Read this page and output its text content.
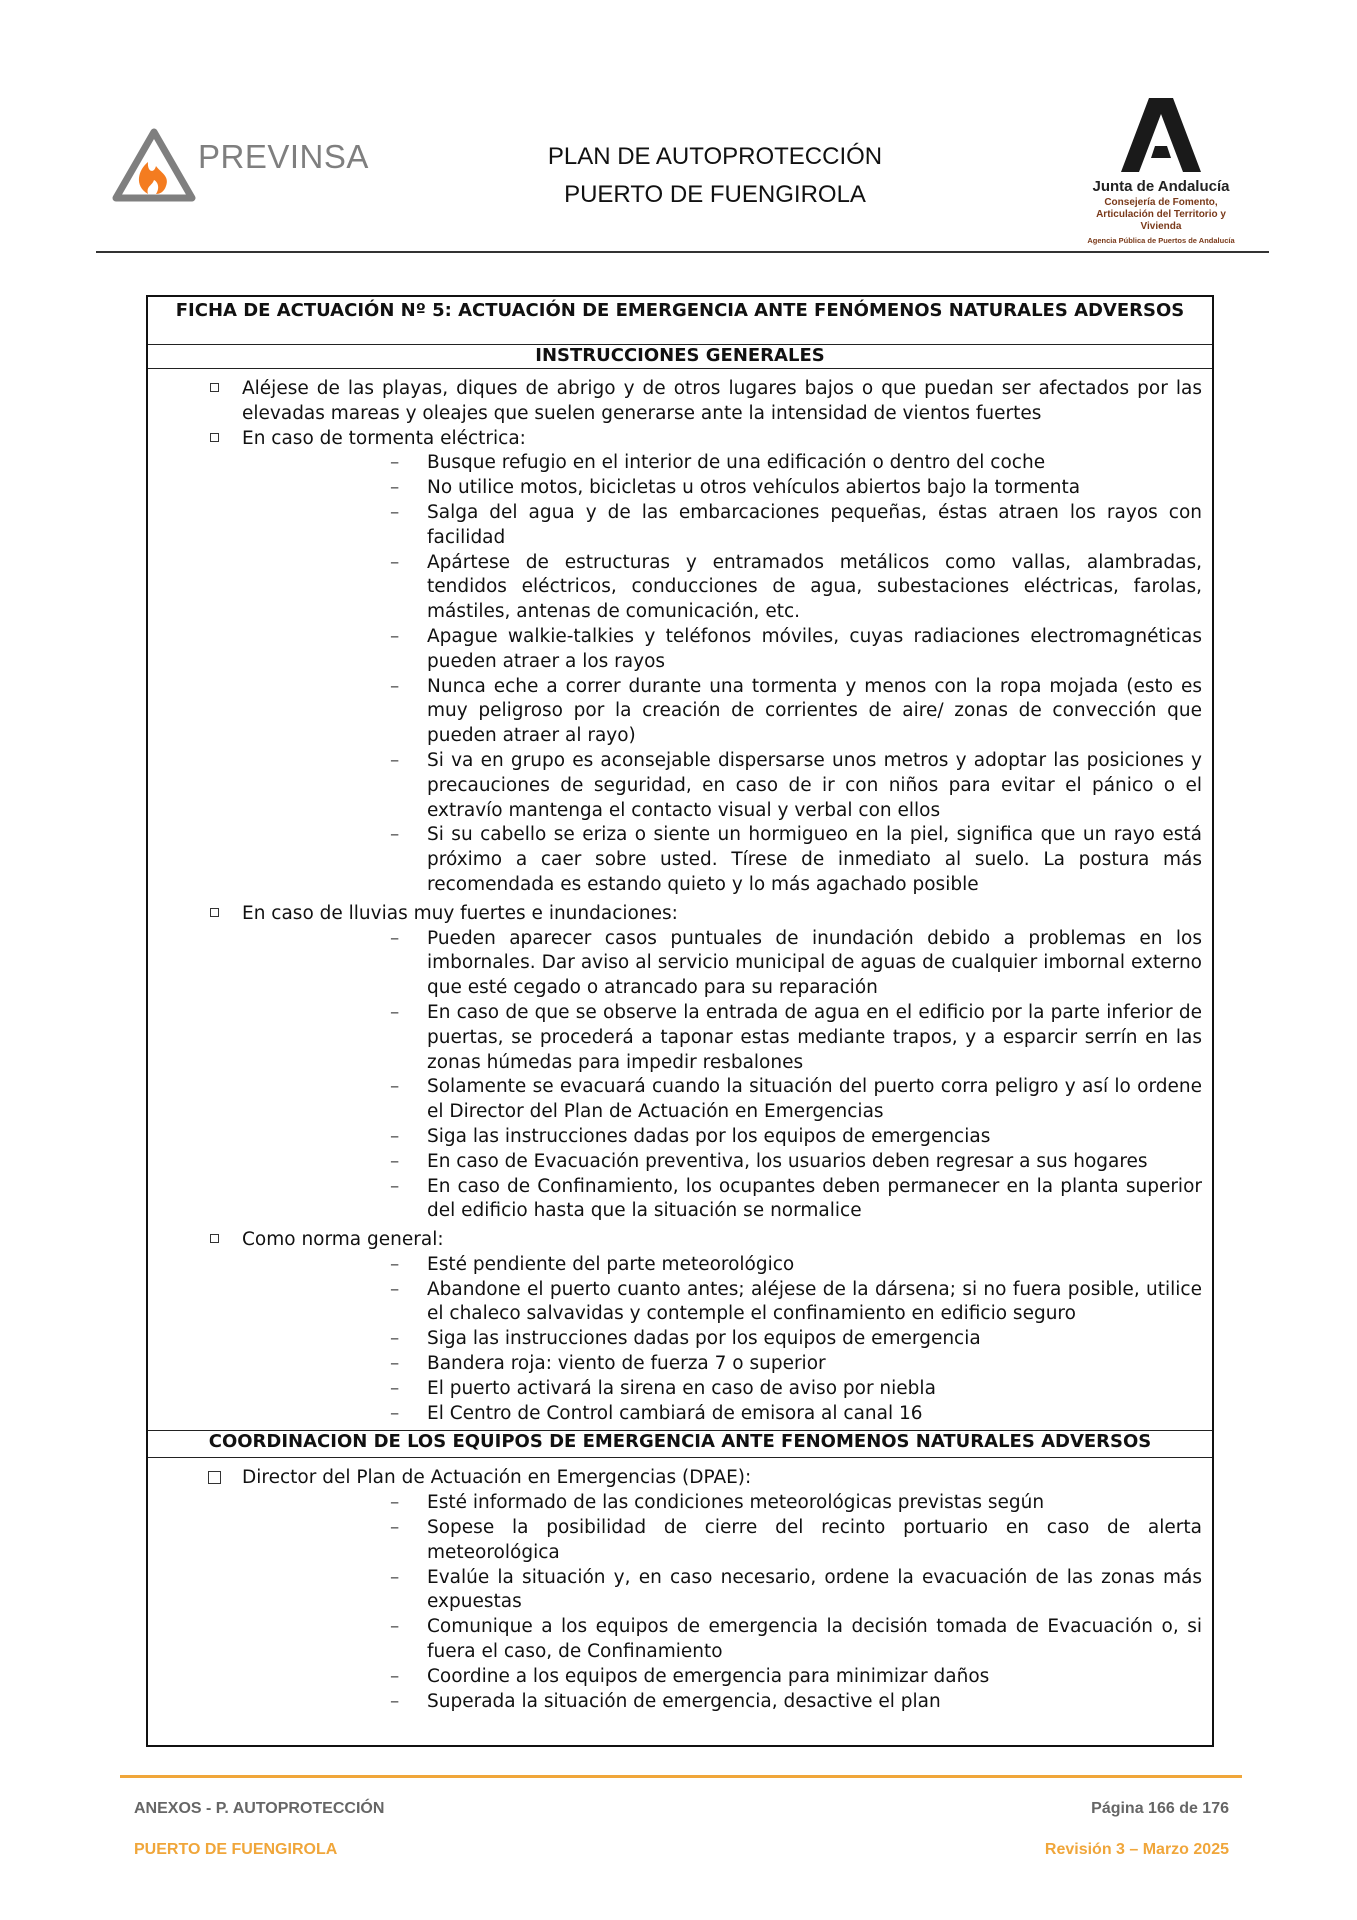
PREVINSA	PLAN DE AUTOPROTECCIÓN
PUERTO DE FUENGIROLA	Junta de Andalucía
Consejería de Fomento,
Articulación del Territorio y Vivienda
Agencia Pública de Puertos de Andalucía
FICHA DE ACTUACIÓN Nº 5: ACTUACIÓN DE EMERGENCIA ANTE FENÓMENOS NATURALES ADVERSOS
INSTRUCCIONES GENERALES
Aléjese de las playas, diques de abrigo y de otros lugares bajos o que puedan ser afectados por las elevadas mareas y oleajes que suelen generarse ante la intensidad de vientos fuertes
En caso de tormenta eléctrica:
– Busque refugio en el interior de una edificación o dentro del coche
– No utilice motos, bicicletas u otros vehículos abiertos bajo la tormenta
– Salga del agua y de las embarcaciones pequeñas, éstas atraen los rayos con facilidad
– Apártese de estructuras y entramados metálicos como vallas, alambradas, tendidos eléctricos, conducciones de agua, subestaciones eléctricas, farolas, mástiles, antenas de comunicación, etc.
– Apague walkie-talkies y teléfonos móviles, cuyas radiaciones electromagnéticas pueden atraer a los rayos
– Nunca eche a correr durante una tormenta y menos con la ropa mojada (esto es muy peligroso por la creación de corrientes de aire/ zonas de convección que pueden atraer al rayo)
– Si va en grupo es aconsejable dispersarse unos metros y adoptar las posiciones y precauciones de seguridad, en caso de ir con niños para evitar el pánico o el extravío mantenga el contacto visual y verbal con ellos
– Si su cabello se eriza o siente un hormigueo en la piel, significa que un rayo está próximo a caer sobre usted. Tírese de inmediato al suelo. La postura más recomendada es estando quieto y lo más agachado posible
En caso de lluvias muy fuertes e inundaciones:
– Pueden aparecer casos puntuales de inundación debido a problemas en los imbornales. Dar aviso al servicio municipal de aguas de cualquier imbornal externo que esté cegado o atrancado para su reparación
– En caso de que se observe la entrada de agua en el edificio por la parte inferior de puertas, se procederá a taponar estas mediante trapos, y a esparcir serrín en las zonas húmedas para impedir resbalones
– Solamente se evacuará cuando la situación del puerto corra peligro y así lo ordene el Director del Plan de Actuación en Emergencias
– Siga las instrucciones dadas por los equipos de emergencias
– En caso de Evacuación preventiva, los usuarios deben regresar a sus hogares
– En caso de Confinamiento, los ocupantes deben permanecer en la planta superior del edificio hasta que la situación se normalice
Como norma general:
– Esté pendiente del parte meteorológico
– Abandone el puerto cuanto antes; aléjese de la dársena; si no fuera posible, utilice el chaleco salvavidas y contemple el confinamiento en edificio seguro
– Siga las instrucciones dadas por los equipos de emergencia
– Bandera roja: viento de fuerza 7 o superior
– El puerto activará la sirena en caso de aviso por niebla
– El Centro de Control cambiará de emisora al canal 16
COORDINACION DE LOS EQUIPOS DE EMERGENCIA ANTE FENOMENOS NATURALES ADVERSOS
Director del Plan de Actuación en Emergencias (DPAE):
– Esté informado de las condiciones meteorológicas previstas según
– Sopese la posibilidad de cierre del recinto portuario en caso de alerta meteorológica
– Evalúe la situación y, en caso necesario, ordene la evacuación de las zonas más expuestas
– Comunique a los equipos de emergencia la decisión tomada de Evacuación o, si fuera el caso, de Confinamiento
– Coordine a los equipos de emergencia para minimizar daños
– Superada la situación de emergencia, desactive el plan
ANEXOS - P. AUTOPROTECCIÓN	Página 166 de 176
PUERTO DE FUENGIROLA	Revisión 3 – Marzo 2025
